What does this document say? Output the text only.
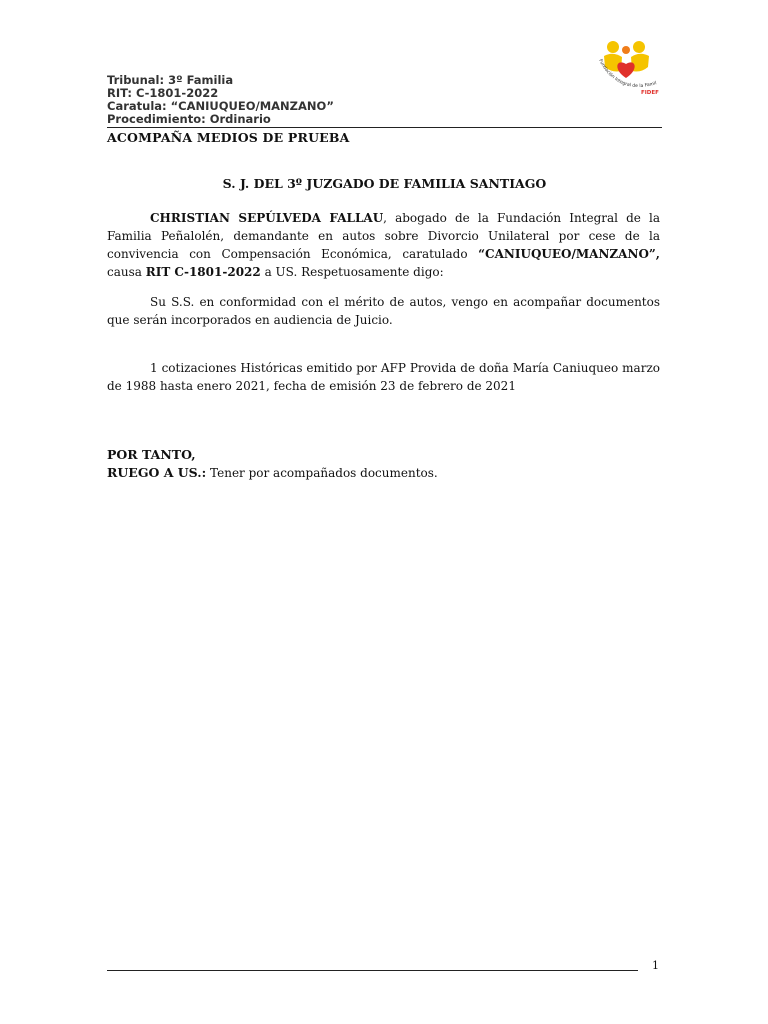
Tribunal: 3º Familia
RIT: C-1801-2022
Caratula: “CANIUQUEO/MANZANO”
Procedimiento: Ordinario
Fundación Integral de la Famil
FIDEF
ACOMPAÑA MEDIOS DE PRUEBA
S. J. DEL 3º JUZGADO DE FAMILIA SANTIAGO
CHRISTIAN SEPÚLVEDA FALLAU, abogado de la Fundación Integral de la Familia Peñalolén, demandante en autos sobre Divorcio Unilateral por cese de la convivencia con Compensación Económica, caratulado “CANIUQUEO/MANZANO”, causa RIT C-1801-2022 a US. Respetuosamente digo:
Su S.S. en conformidad con el mérito de autos, vengo en acompañar documentos que serán incorporados en audiencia de Juicio.
1 cotizaciones Históricas emitido por AFP Provida de doña María Caniuqueo marzo de 1988 hasta enero 2021, fecha de emisión 23 de febrero de 2021
POR TANTO,
RUEGO A US.: Tener por acompañados documentos.
1
